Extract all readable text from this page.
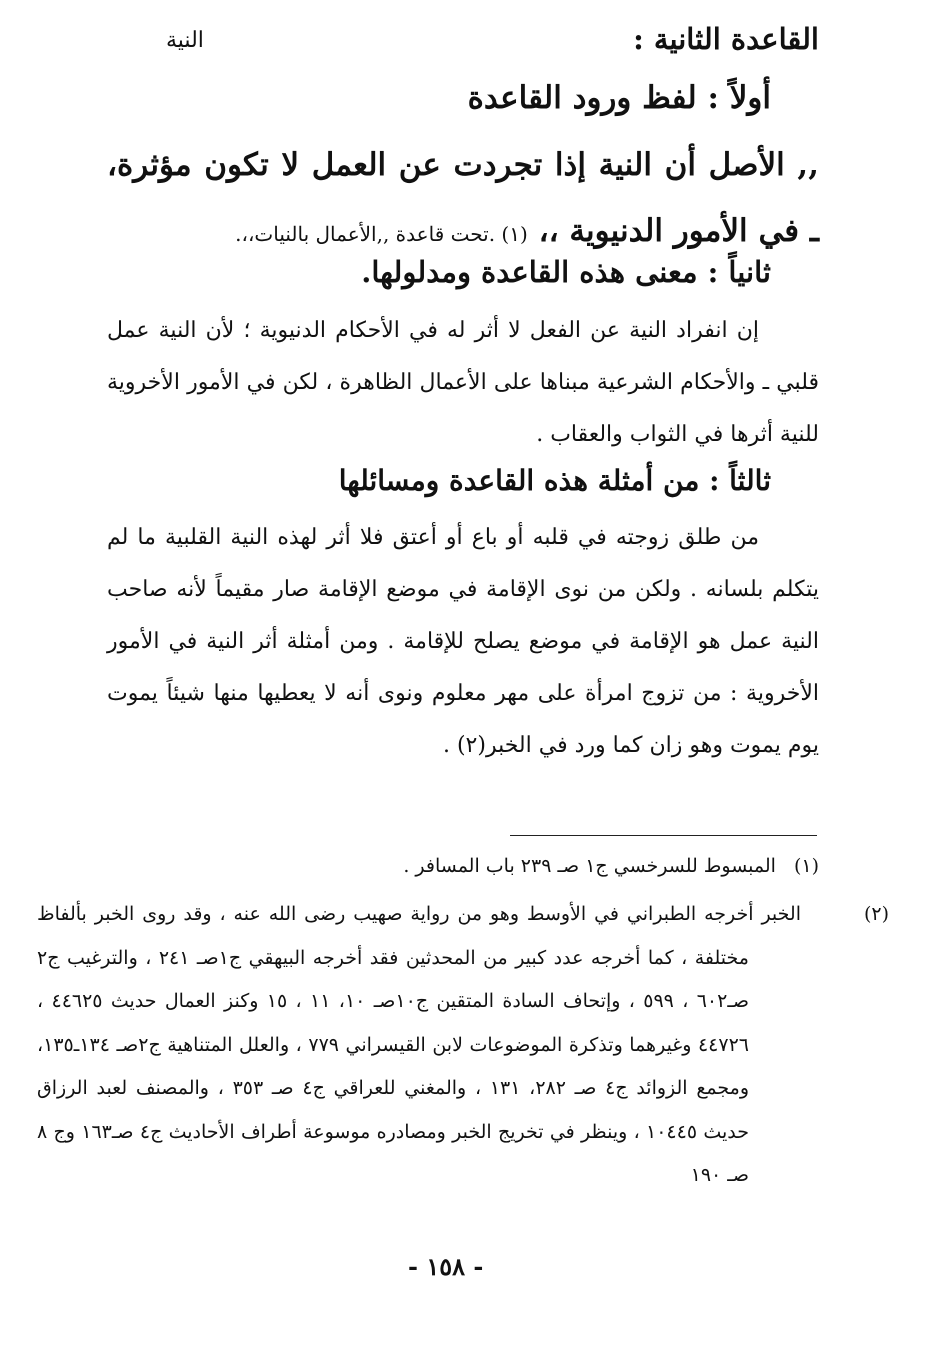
القاعدة الثانية :
النية
أولاً : لفظ ورود القاعدة
,, الأصل أن النية إذا تجردت عن العمل لا تكون مؤثرة، ـ في الأمور الدنيوية ،، (١) .تحت قاعدة ,,الأعمال بالنيات،،.
ثانياً : معنى هذه القاعدة ومدلولها.
إن انفراد النية عن الفعل لا أثر له في الأحكام الدنيوية ؛ لأن النية عمل قلبي ـ والأحكام الشرعية مبناها على الأعمال الظاهرة ، لكن في الأمور الأخروية للنية أثرها في الثواب والعقاب .
ثالثاً : من أمثلة هذه القاعدة ومسائلها
من طلق زوجته في قلبه أو باع أو أعتق فلا أثر لهذه النية القلبية ما لم يتكلم بلسانه . ولكن من نوى الإقامة في موضع الإقامة صار مقيماً لأنه صاحب النية عمل هو الإقامة في موضع يصلح للإقامة . ومن أمثلة أثر النية في الأمور الأخروية : من تزوج امرأة على مهر معلوم ونوى أنه لا يعطيها منها شيئاً يموت يوم يموت وهو زان كما ورد في الخبر(٢) .
(١)المبسوط للسرخسي ج١ صـ ٢٣٩ باب المسافر .
(٢)الخبر أخرجه الطبراني في الأوسط وهو من رواية صهيب رضى الله عنه ، وقد روى الخبر بألفاظ مختلفة ، كما أخرجه عدد كبير من المحدثين فقد أخرجه البيهقي ج١صـ ٢٤١ ، والترغيب ج٢ صـ٦٠٢ ، ٥٩٩ ، وإتحاف السادة المتقين ج١٠صـ ١٠، ١١ ، ١٥ وكنز العمال حديث ٤٤٦٢٥ ، ٤٤٧٢٦ وغيرهما وتذكرة الموضوعات لابن القيسراني ٧٧٩ ، والعلل المتناهية ج٢صـ ١٣٤ـ١٣٥، ومجمع الزوائد ج٤ صـ ٢٨٢، ١٣١ ، والمغني للعراقي ج٤ صـ ٣٥٣ ، والمصنف لعبد الرزاق حديث ١٠٤٤٥ ، وينظر في تخريج الخبر ومصادره موسوعة أطراف الأحاديث ج٤ صـ١٦٣ وج ٨ صـ ١٩٠
- ١٥٨ -
